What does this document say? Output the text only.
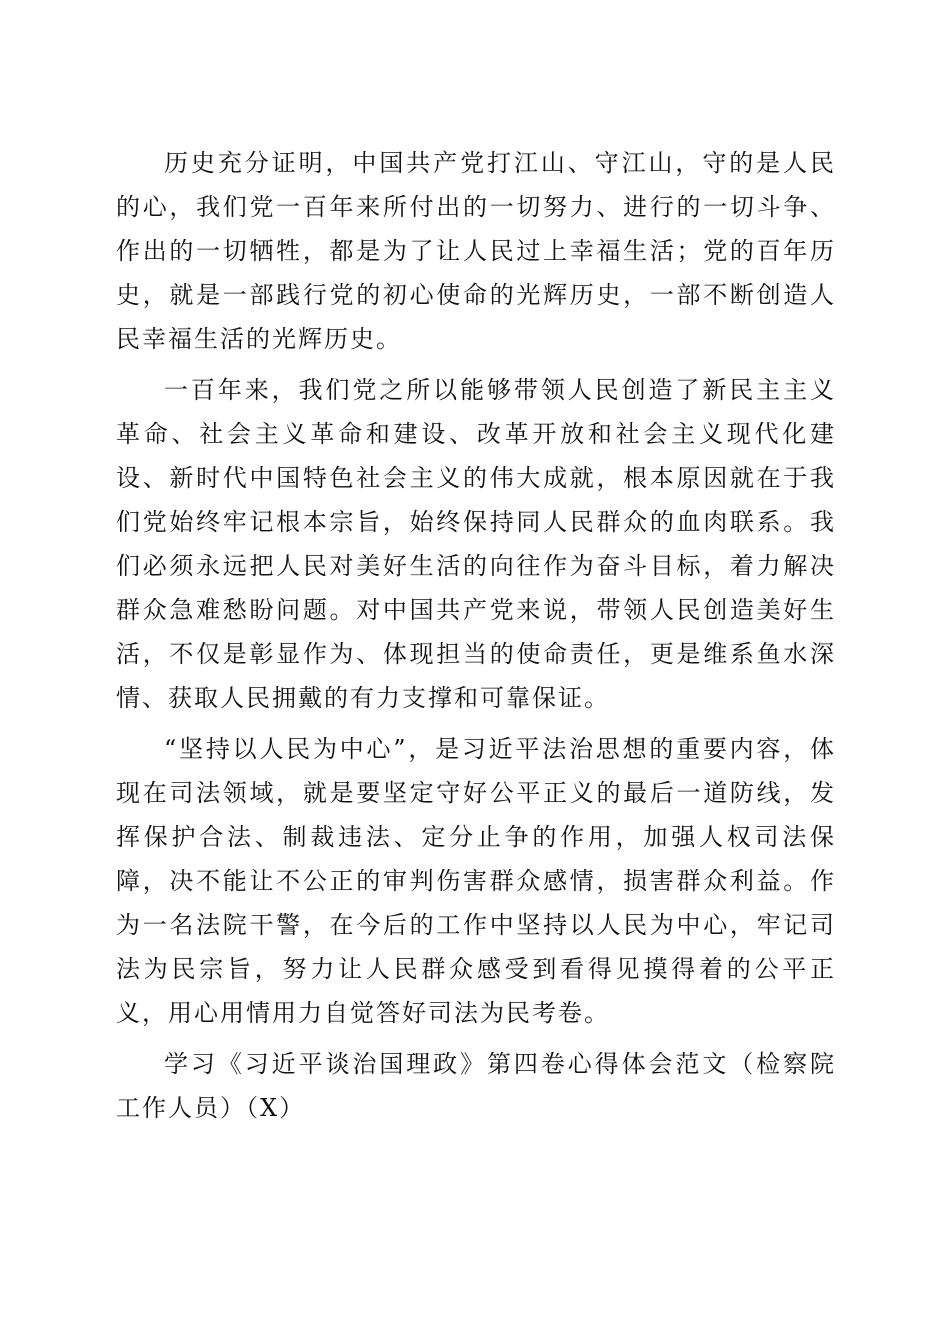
历史充分证明，中国共产党打江山、守江山，守的是人民的心，我们党一百年来所付出的一切努力、进行的一切斗争、作出的一切牺牲，都是为了让人民过上幸福生活；党的百年历史，就是一部践行党的初心使命的光辉历史，一部不断创造人民幸福生活的光辉历史。

一百年来，我们党之所以能够带领人民创造了新民主主义革命、社会主义革命和建设、改革开放和社会主义现代化建设、新时代中国特色社会主义的伟大成就，根本原因就在于我们党始终牢记根本宗旨，始终保持同人民群众的血肉联系。我们必须永远把人民对美好生活的向往作为奋斗目标，着力解决群众急难愁盼问题。对中国共产党来说，带领人民创造美好生活，不仅是彰显作为、体现担当的使命责任，更是维系鱼水深情、获取人民拥戴的有力支撑和可靠保证。

“坚持以人民为中心”，是习近平法治思想的重要内容，体现在司法领域，就是要坚定守好公平正义的最后一道防线，发挥保护合法、制裁违法、定分止争的作用，加强人权司法保障，决不能让不公正的审判伤害群众感情，损害群众利益。作为一名法院干警，在今后的工作中坚持以人民为中心，牢记司法为民宗旨，努力让人民群众感受到看得见摸得着的公平正义，用心用情用力自觉答好司法为民考卷。

学习《习近平谈治国理政》第四卷心得体会范文（检察院工作人员）（X）
